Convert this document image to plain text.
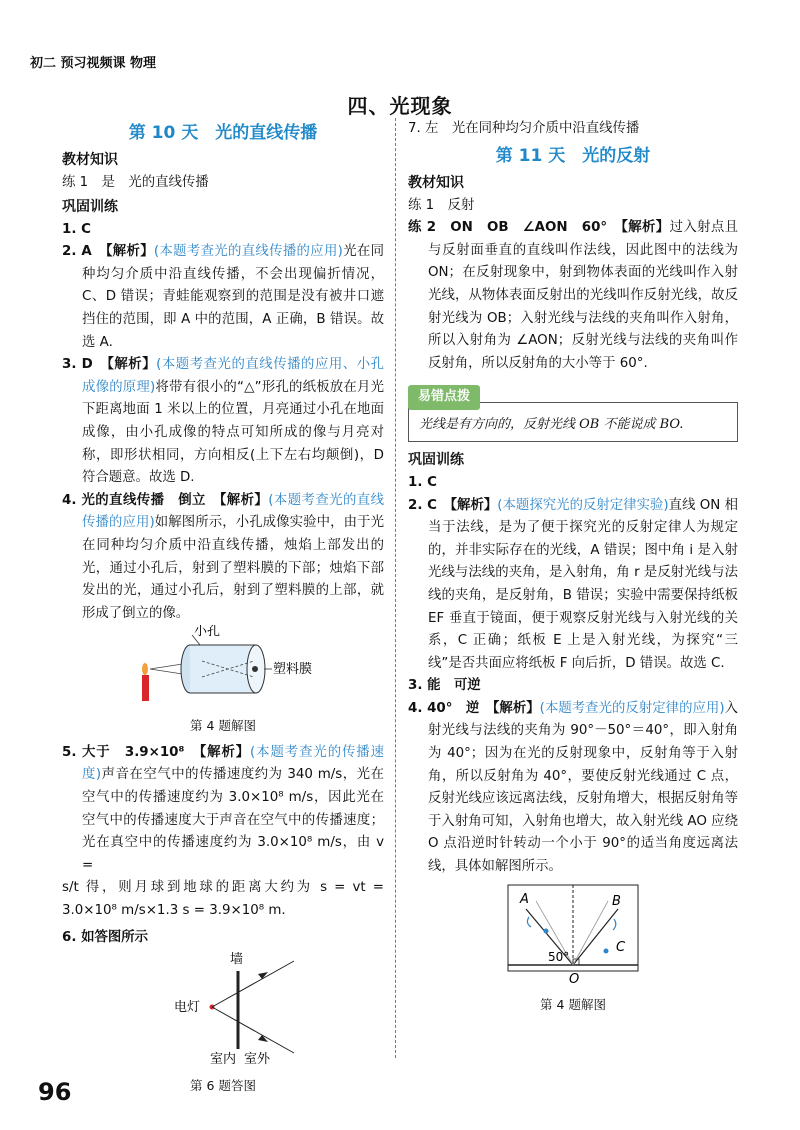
初二 预习视频课 物理
四、光现象
第 10 天　光的直线传播
教材知识
练 1　是　光的直线传播
巩固训练
1. C
2. A　【解析】(本题考查光的直线传播的应用)光在同种均匀介质中沿直线传播，不会出现偏折情况，C、D 错误；青蛙能观察到的范围是没有被井口遮挡住的范围，即 A 中的范围，A 正确，B 错误。故选 A.
3. D　【解析】(本题考查光的直线传播的应用、小孔成像的原理)将带有很小的“△”形孔的纸板放在月光下距离地面 1 米以上的位置，月亮通过小孔在地面成像，由小孔成像的特点可知所成的像与月亮对称，即形状相同，方向相反(上下左右均颠倒)，D 符合题意。故选 D.
4. 光的直线传播　倒立　【解析】(本题考查光的直线传播的应用)如解图所示，小孔成像实验中，由于光在同种均匀介质中沿直线传播，烛焰上部发出的光，通过小孔后，射到了塑料膜的下部；烛焰下部发出的光，通过小孔后，射到了塑料膜的上部，就形成了倒立的像。
小孔
塑料膜
第 4 题解图
5. 大于　3.9×10⁸　【解析】(本题考查光的传播速度)声音在空气中的传播速度约为 340 m/s，光在空气中的传播速度约为 3.0×10⁸ m/s，因此光在空气中的传播速度大于声音在空气中的传播速度；光在真空中的传播速度约为 3.0×10⁸ m/s，由 v =
s/t 得，则月球到地球的距离大约为 s = vt = 3.0×10⁸ m/s×1.3 s = 3.9×10⁸ m.
6. 如答图所示
墙
电灯
室内 室外
第 6 题答图
7. 左　光在同种均匀介质中沿直线传播
第 11 天　光的反射
教材知识
练 1　反射
练 2　ON　OB　∠AON　60°　【解析】过入射点且与反射面垂直的直线叫作法线，因此图中的法线为 ON；在反射现象中，射到物体表面的光线叫作入射光线，从物体表面反射出的光线叫作反射光线，故反射光线为 OB；入射光线与法线的夹角叫作入射角，所以入射角为 ∠AON；反射光线与法线的夹角叫作反射角，所以反射角的大小等于 60°.
易错点拨
光线是有方向的，反射光线 OB 不能说成 BO.
巩固训练
1. C
2. C　【解析】(本题探究光的反射定律实验)直线 ON 相当于法线，是为了便于探究光的反射定律人为规定的，并非实际存在的光线，A 错误；图中角 i 是入射光线与法线的夹角，是入射角，角 r 是反射光线与法线的夹角，是反射角，B 错误；实验中需要保持纸板 EF 垂直于镜面，便于观察反射光线与入射光线的关系，C 正确；纸板 E 上是入射光线，为探究“三线”是否共面应将纸板 F 向后折，D 错误。故选 C.
3. 能　可逆
4. 40°　逆　【解析】(本题考查光的反射定律的应用)入射光线与法线的夹角为 90°－50°＝40°，即入射角为 40°；因为在光的反射现象中，反射角等于入射角，所以反射角为 40°，要使反射光线通过 C 点，反射光线应该远离法线，反射角增大，根据反射角等于入射角可知，入射角也增大，故入射光线 AO 应绕 O 点沿逆时针转动一个小于 90°的适当角度远离法线，具体如解图所示。
A	B
C
50°
O
第 4 题解图
96
